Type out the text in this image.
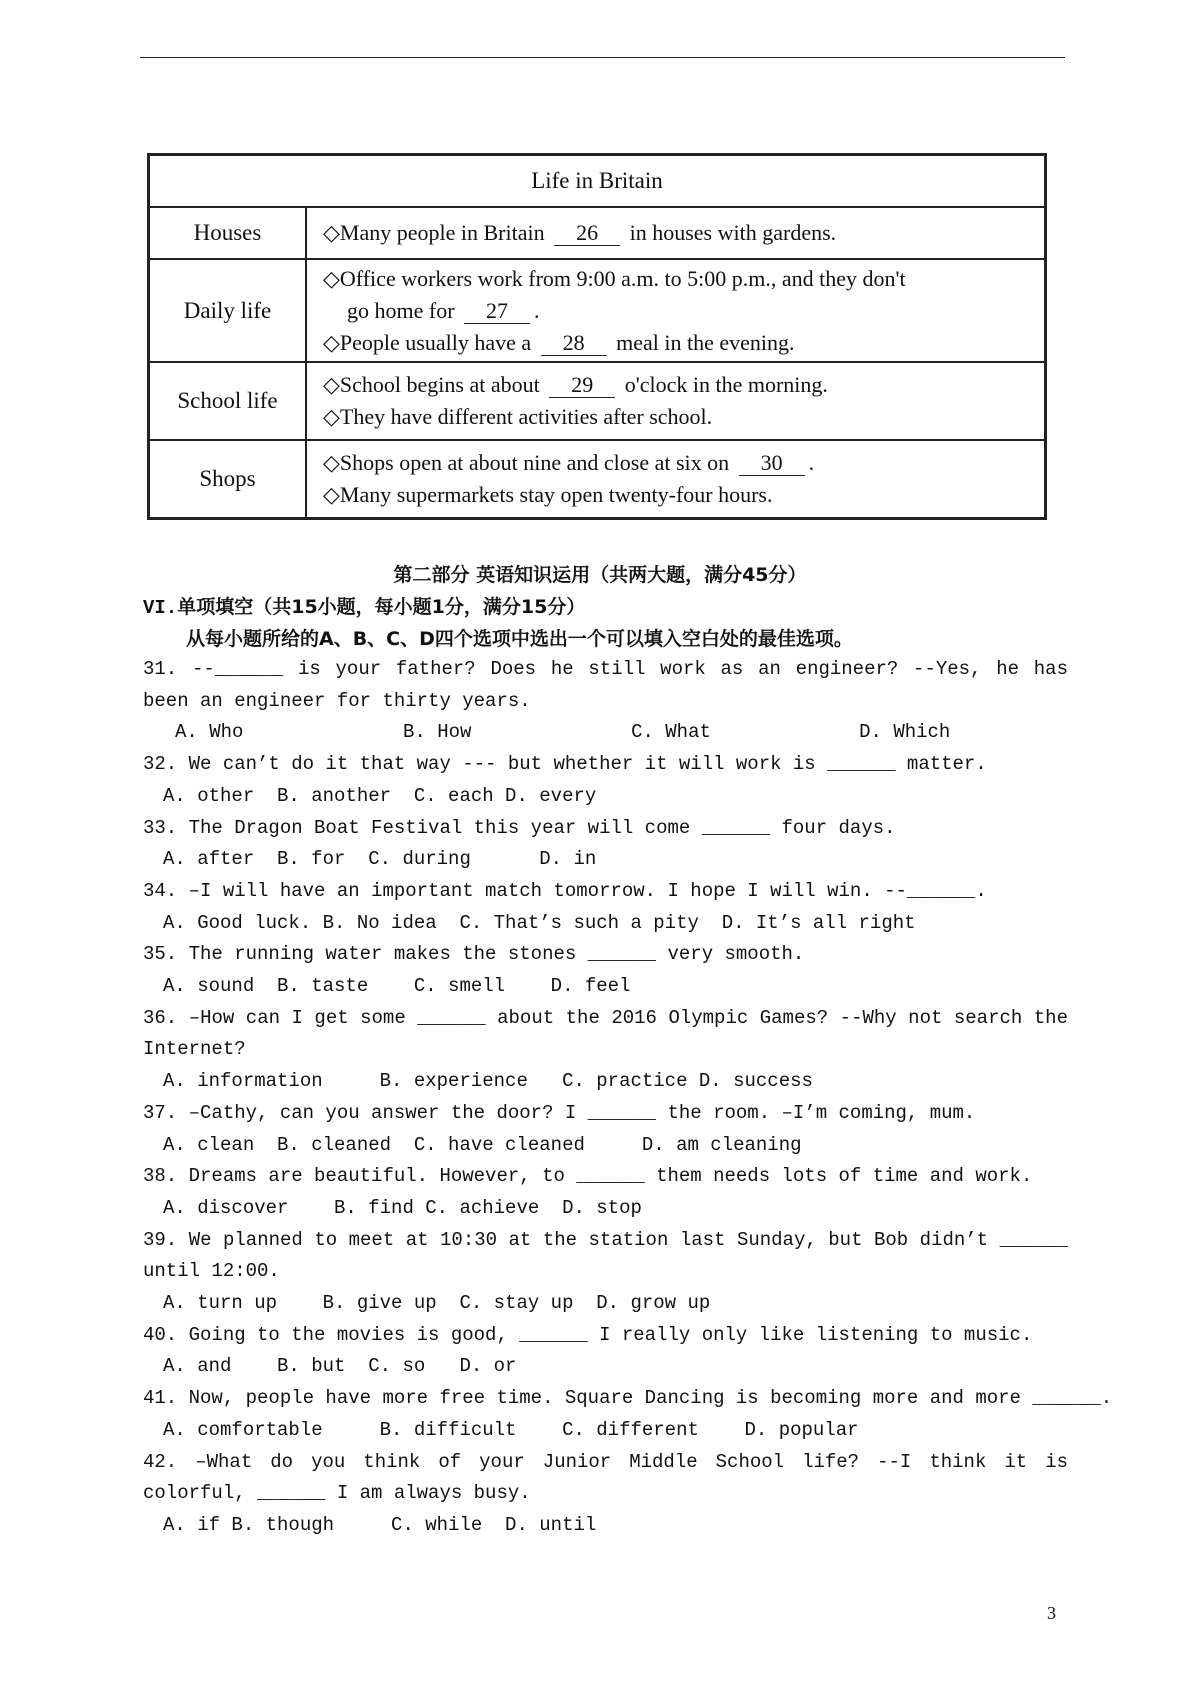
Life in Britain	
Houses	◇Many people in Britain 26 in houses with gardens.

Daily life	◇Office workers work from 9:00 a.m. to 5:00 p.m., and they don't
go home for 27 .
◇People usually have a 28 meal in the evening.

School life	◇School begins at about 29 o'clock in the morning.
◇They have different activities after school.

Shops	◇Shops open at about nine and close at six on 30 .
◇Many supermarkets stay open twenty-four hours.
第二部分 英语知识运用（共两大题，满分45分）
VI.单项填空（共15小题，每小题1分，满分15分）
从每小题所给的A、B、C、D四个选项中选出一个可以填入空白处的最佳选项。
31. --______ is your father? Does he still work as an engineer? --Yes, he has been an engineer for thirty years.
A. Who              B. How              C. What             D. Which
32. We can’t do it that way --- but whether it will work is ______ matter.
A. other  B. another  C. each D. every
33. The Dragon Boat Festival this year will come ______ four days.
A. after  B. for  C. during      D. in
34. –I will have an important match tomorrow. I hope I will win. --______.
A. Good luck. B. No idea  C. That’s such a pity  D. It’s all right
35. The running water makes the stones ______ very smooth.
A. sound  B. taste    C. smell    D. feel
36. –How can I get some ______ about the 2016 Olympic Games? --Why not search the Internet?
A. information     B. experience   C. practice D. success
37. –Cathy, can you answer the door? I ______ the room. –I’m coming, mum.
A. clean  B. cleaned  C. have cleaned     D. am cleaning
38. Dreams are beautiful. However, to ______ them needs lots of time and work.
A. discover    B. find C. achieve  D. stop
39. We planned to meet at 10:30 at the station last Sunday, but Bob didn’t ______ until 12:00.
A. turn up    B. give up  C. stay up  D. grow up
40. Going to the movies is good, ______ I really only like listening to music.
A. and    B. but  C. so   D. or
41. Now, people have more free time. Square Dancing is becoming more and more ______.
A. comfortable     B. difficult    C. different    D. popular
42. –What do you think of your Junior Middle School life? --I think it is colorful, ______ I am always busy.
A. if B. though     C. while  D. until
3
